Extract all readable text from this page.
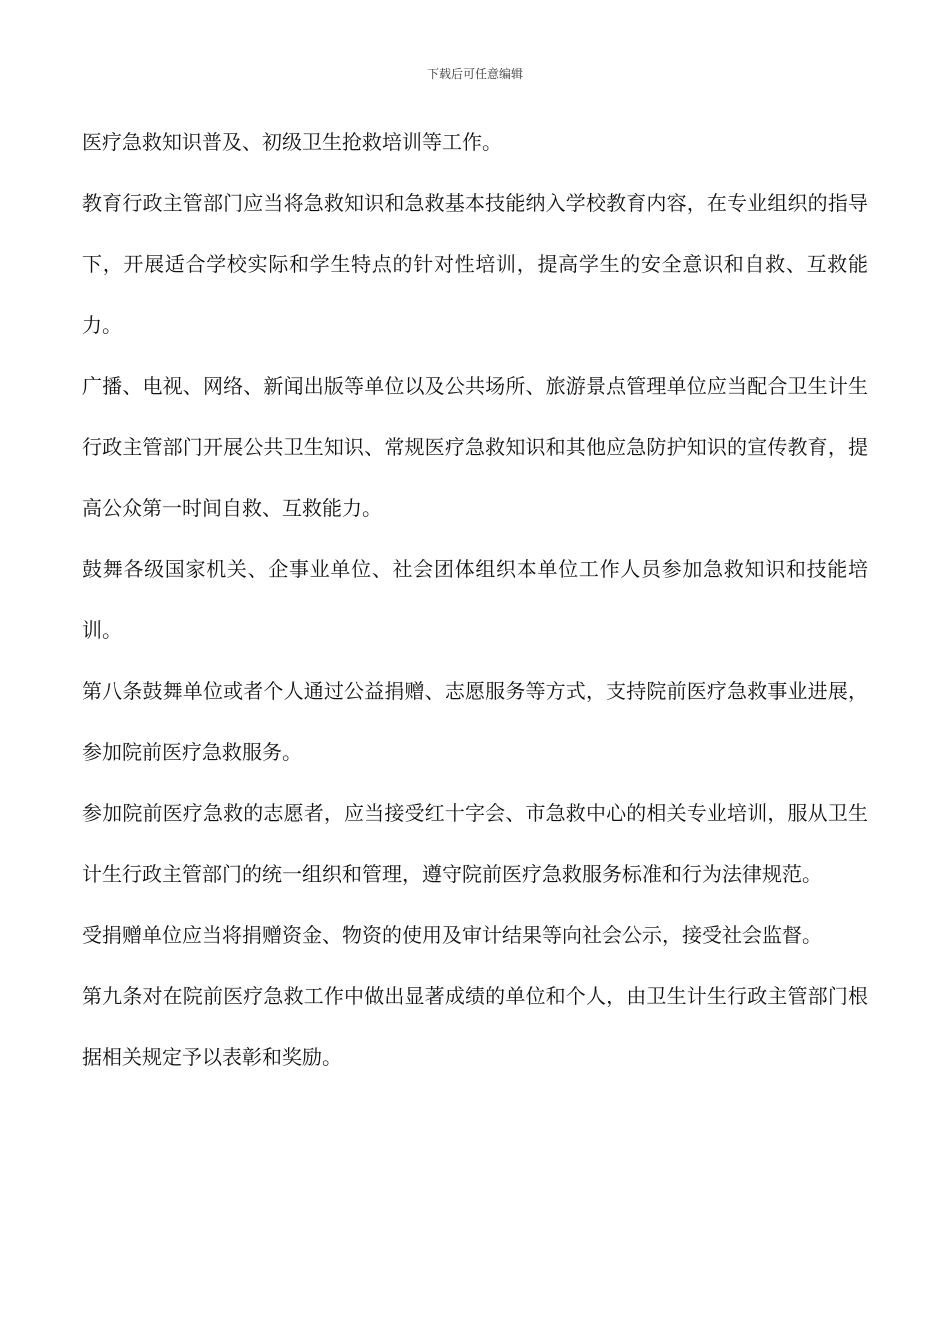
下载后可任意编辑

医疗急救知识普及、初级卫生抢救培训等工作。

教育行政主管部门应当将急救知识和急救基本技能纳入学校教育内容，在专业组织的指导下，开展适合学校实际和学生特点的针对性培训，提高学生的安全意识和自救、互救能力。

广播、电视、网络、新闻出版等单位以及公共场所、旅游景点管理单位应当配合卫生计生行政主管部门开展公共卫生知识、常规医疗急救知识和其他应急防护知识的宣传教育，提高公众第一时间自救、互救能力。

鼓舞各级国家机关、企事业单位、社会团体组织本单位工作人员参加急救知识和技能培训。

第八条鼓舞单位或者个人通过公益捐赠、志愿服务等方式，支持院前医疗急救事业进展，参加院前医疗急救服务。

参加院前医疗急救的志愿者，应当接受红十字会、市急救中心的相关专业培训，服从卫生计生行政主管部门的统一组织和管理，遵守院前医疗急救服务标准和行为法律规范。

受捐赠单位应当将捐赠资金、物资的使用及审计结果等向社会公示，接受社会监督。

第九条对在院前医疗急救工作中做出显著成绩的单位和个人，由卫生计生行政主管部门根据相关规定予以表彰和奖励。
